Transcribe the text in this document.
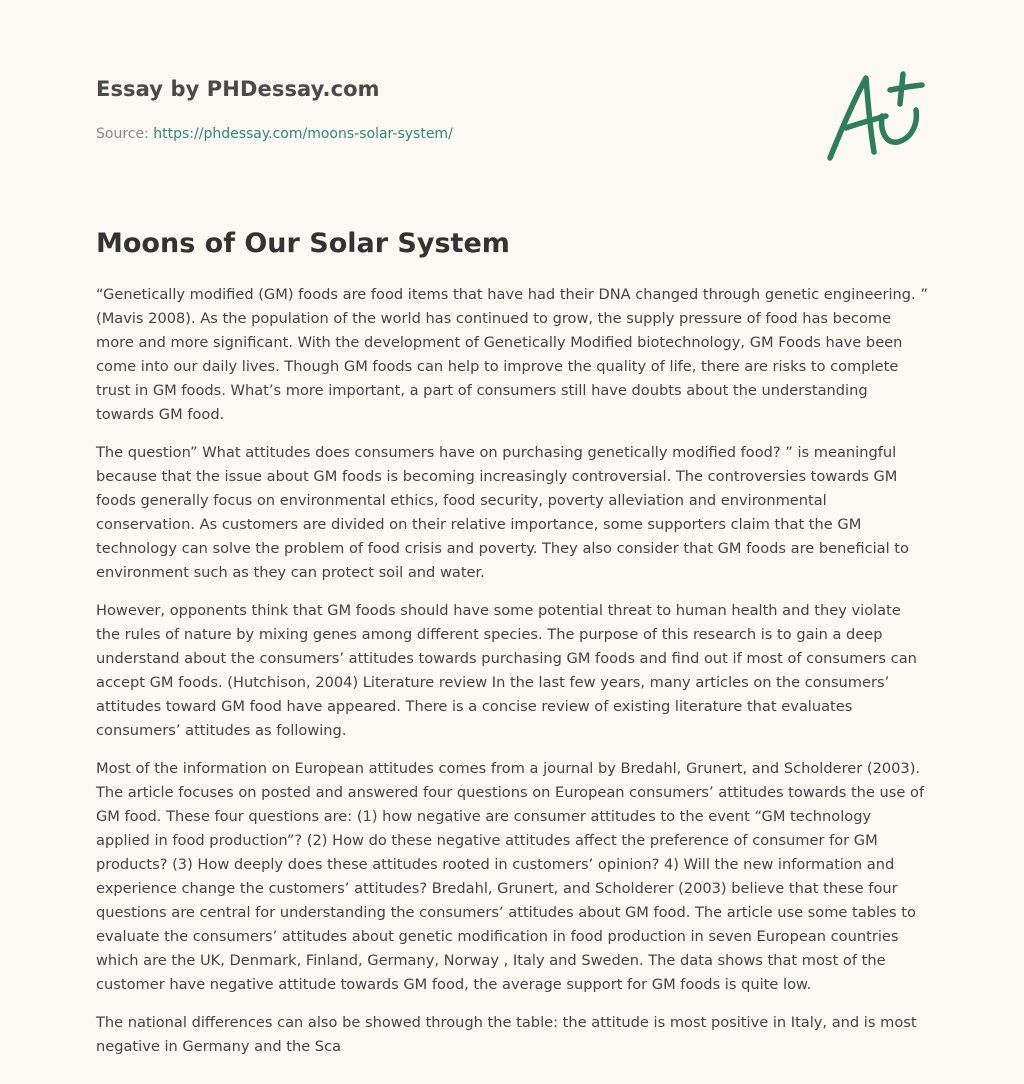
Essay by PHDessay.com
Source: https://phdessay.com/moons-solar-system/
Moons of Our Solar System

“Genetically modified (GM) foods are food items that have had their DNA changed through genetic engineering. ” (Mavis 2008). As the population of the world has continued to grow, the supply pressure of food has become more and more significant. With the development of Genetically Modified biotechnology, GM Foods have been come into our daily lives. Though GM foods can help to improve the quality of life, there are risks to complete trust in GM foods. What’s more important, a part of consumers still have doubts about the understanding towards GM food.

The question” What attitudes does consumers have on purchasing genetically modified food? ” is meaningful because that the issue about GM foods is becoming increasingly controversial. The controversies towards GM foods generally focus on environmental ethics, food security, poverty alleviation and environmental conservation. As customers are divided on their relative importance, some supporters claim that the GM technology can solve the problem of food crisis and poverty. They also consider that GM foods are beneficial to environment such as they can protect soil and water.

However, opponents think that GM foods should have some potential threat to human health and they violate the rules of nature by mixing genes among different species. The purpose of this research is to gain a deep understand about the consumers’ attitudes towards purchasing GM foods and find out if most of consumers can accept GM foods. (Hutchison, 2004) Literature review In the last few years, many articles on the consumers’ attitudes toward GM food have appeared. There is a concise review of existing literature that evaluates consumers’ attitudes as following.

Most of the information on European attitudes comes from a journal by Bredahl, Grunert, and Scholderer (2003). The article focuses on posted and answered four questions on European consumers’ attitudes towards the use of GM food. These four questions are: (1) how negative are consumer attitudes to the event “GM technology applied in food production”? (2) How do these negative attitudes affect the preference of consumer for GM products? (3) How deeply does these attitudes rooted in customers’ opinion? 4) Will the new information and experience change the customers’ attitudes? Bredahl, Grunert, and Scholderer (2003) believe that these four questions are central for understanding the consumers’ attitudes about GM food. The article use some tables to evaluate the consumers’ attitudes about genetic modification in food production in seven European countries which are the UK, Denmark, Finland, Germany, Norway , Italy and Sweden. The data shows that most of the customer have negative attitude towards GM food, the average support for GM foods is quite low.

The national differences can also be showed through the table: the attitude is most positive in Italy, and is most negative in Germany and the Sca
